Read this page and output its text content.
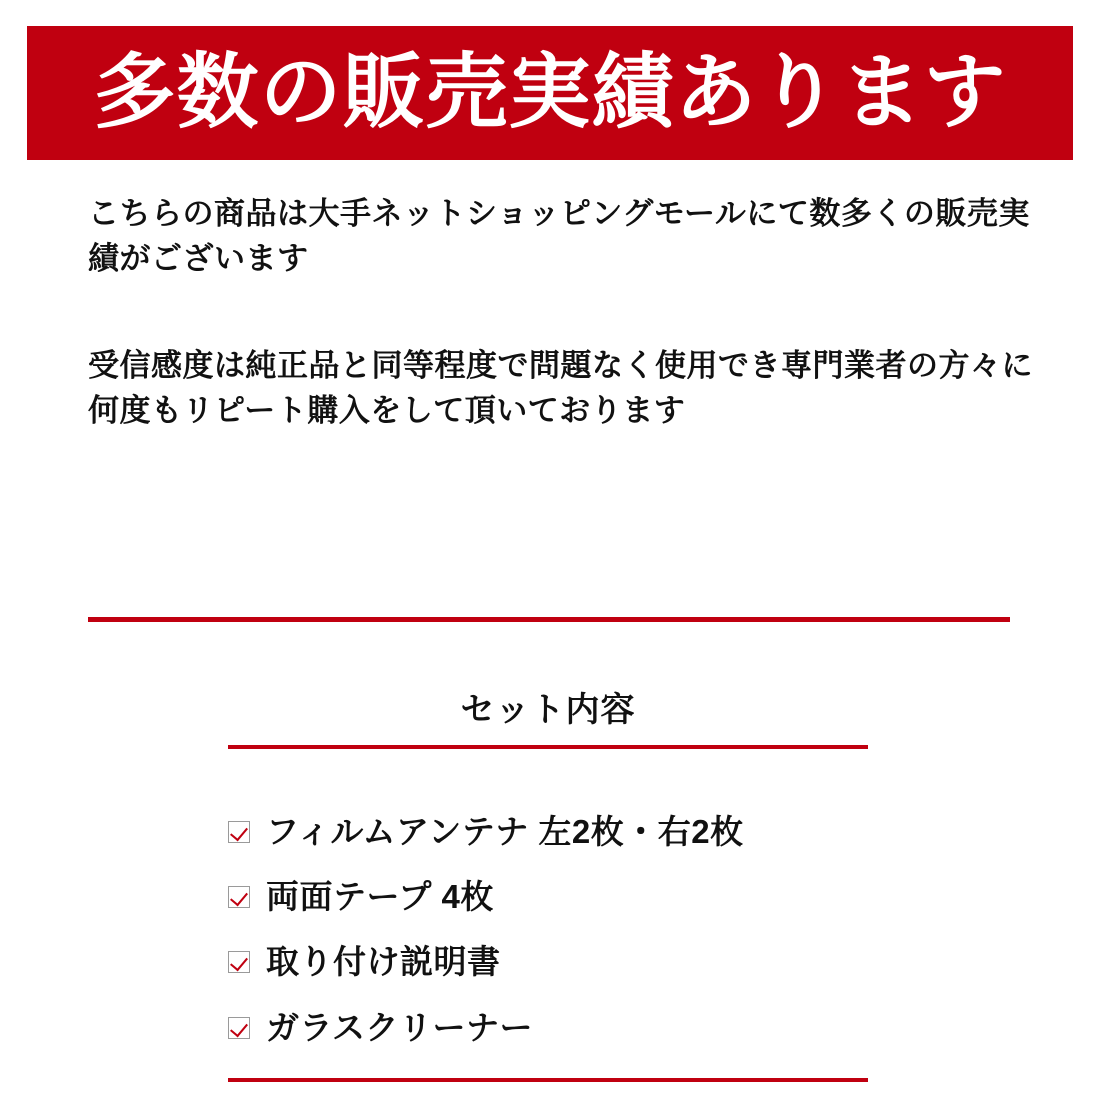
多数の販売実績あります
こちらの商品は大手ネットショッピングモールにて数多くの販売実績がございます
受信感度は純正品と同等程度で問題なく使用でき専門業者の方々に何度もリピート購入をして頂いております
セット内容
フィルムアンテナ 左2枚・右2枚
両面テープ 4枚
取り付け説明書
ガラスクリーナー
